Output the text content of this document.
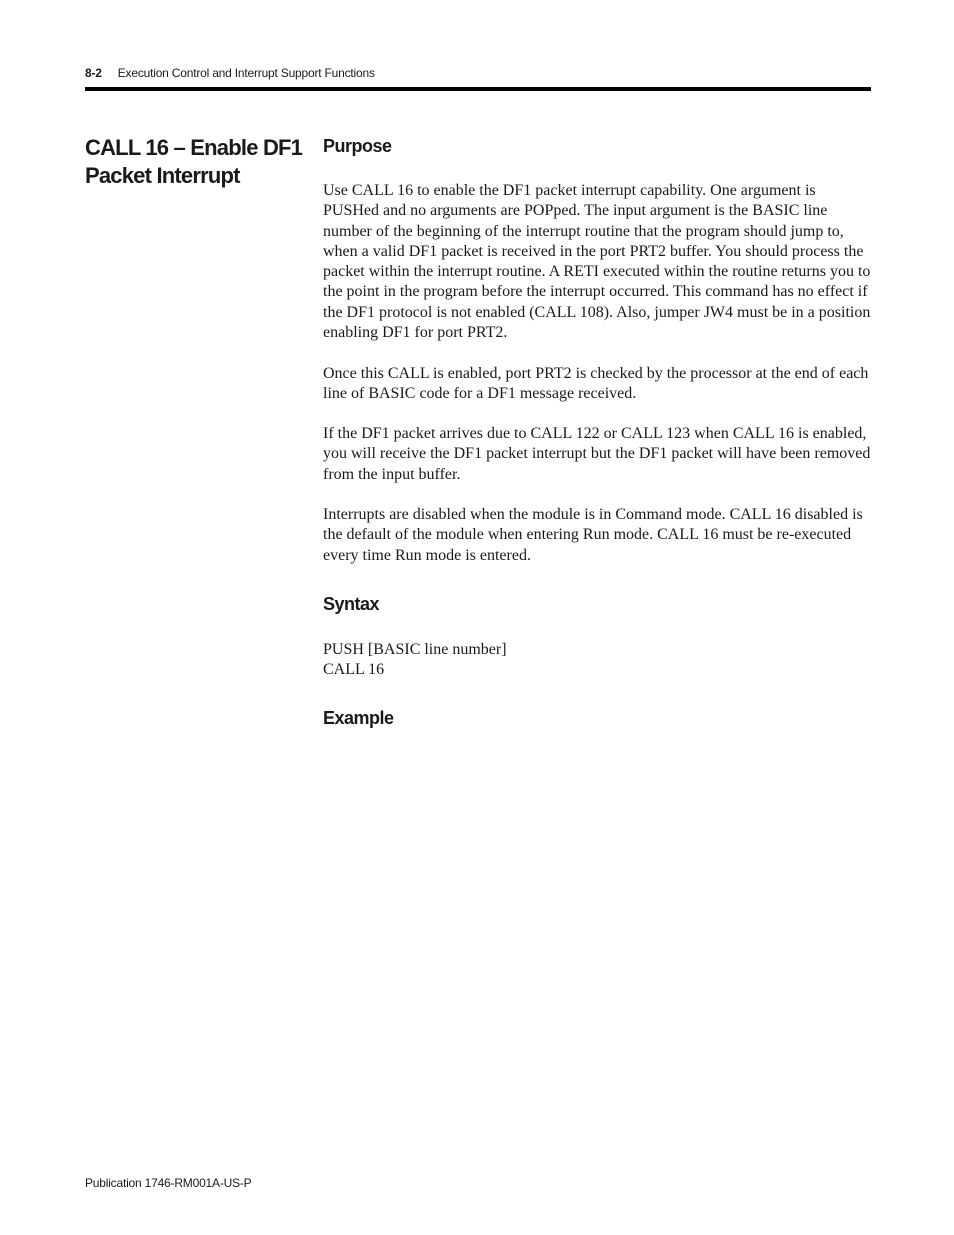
8-2 Execution Control and Interrupt Support Functions
CALL 16 – Enable DF1 Packet Interrupt
Purpose

Use CALL 16 to enable the DF1 packet interrupt capability. One argument is PUSHed and no arguments are POPped. The input argument is the BASIC line number of the beginning of the interrupt routine that the program should jump to, when a valid DF1 packet is received in the port PRT2 buffer. You should process the packet within the interrupt routine. A RETI executed within the routine returns you to the point in the program before the interrupt occurred. This command has no effect if the DF1 protocol is not enabled (CALL 108). Also, jumper JW4 must be in a position enabling DF1 for port PRT2.

Once this CALL is enabled, port PRT2 is checked by the processor at the end of each line of BASIC code for a DF1 message received.

If the DF1 packet arrives due to CALL 122 or CALL 123 when CALL 16 is enabled, you will receive the DF1 packet interrupt but the DF1 packet will have been removed from the input buffer.

Interrupts are disabled when the module is in Command mode. CALL 16 disabled is the default of the module when entering Run mode. CALL 16 must be re-executed every time Run mode is entered.

Syntax

PUSH [BASIC line number]

CALL 16

Example
Publication 1746-RM001A-US-P
